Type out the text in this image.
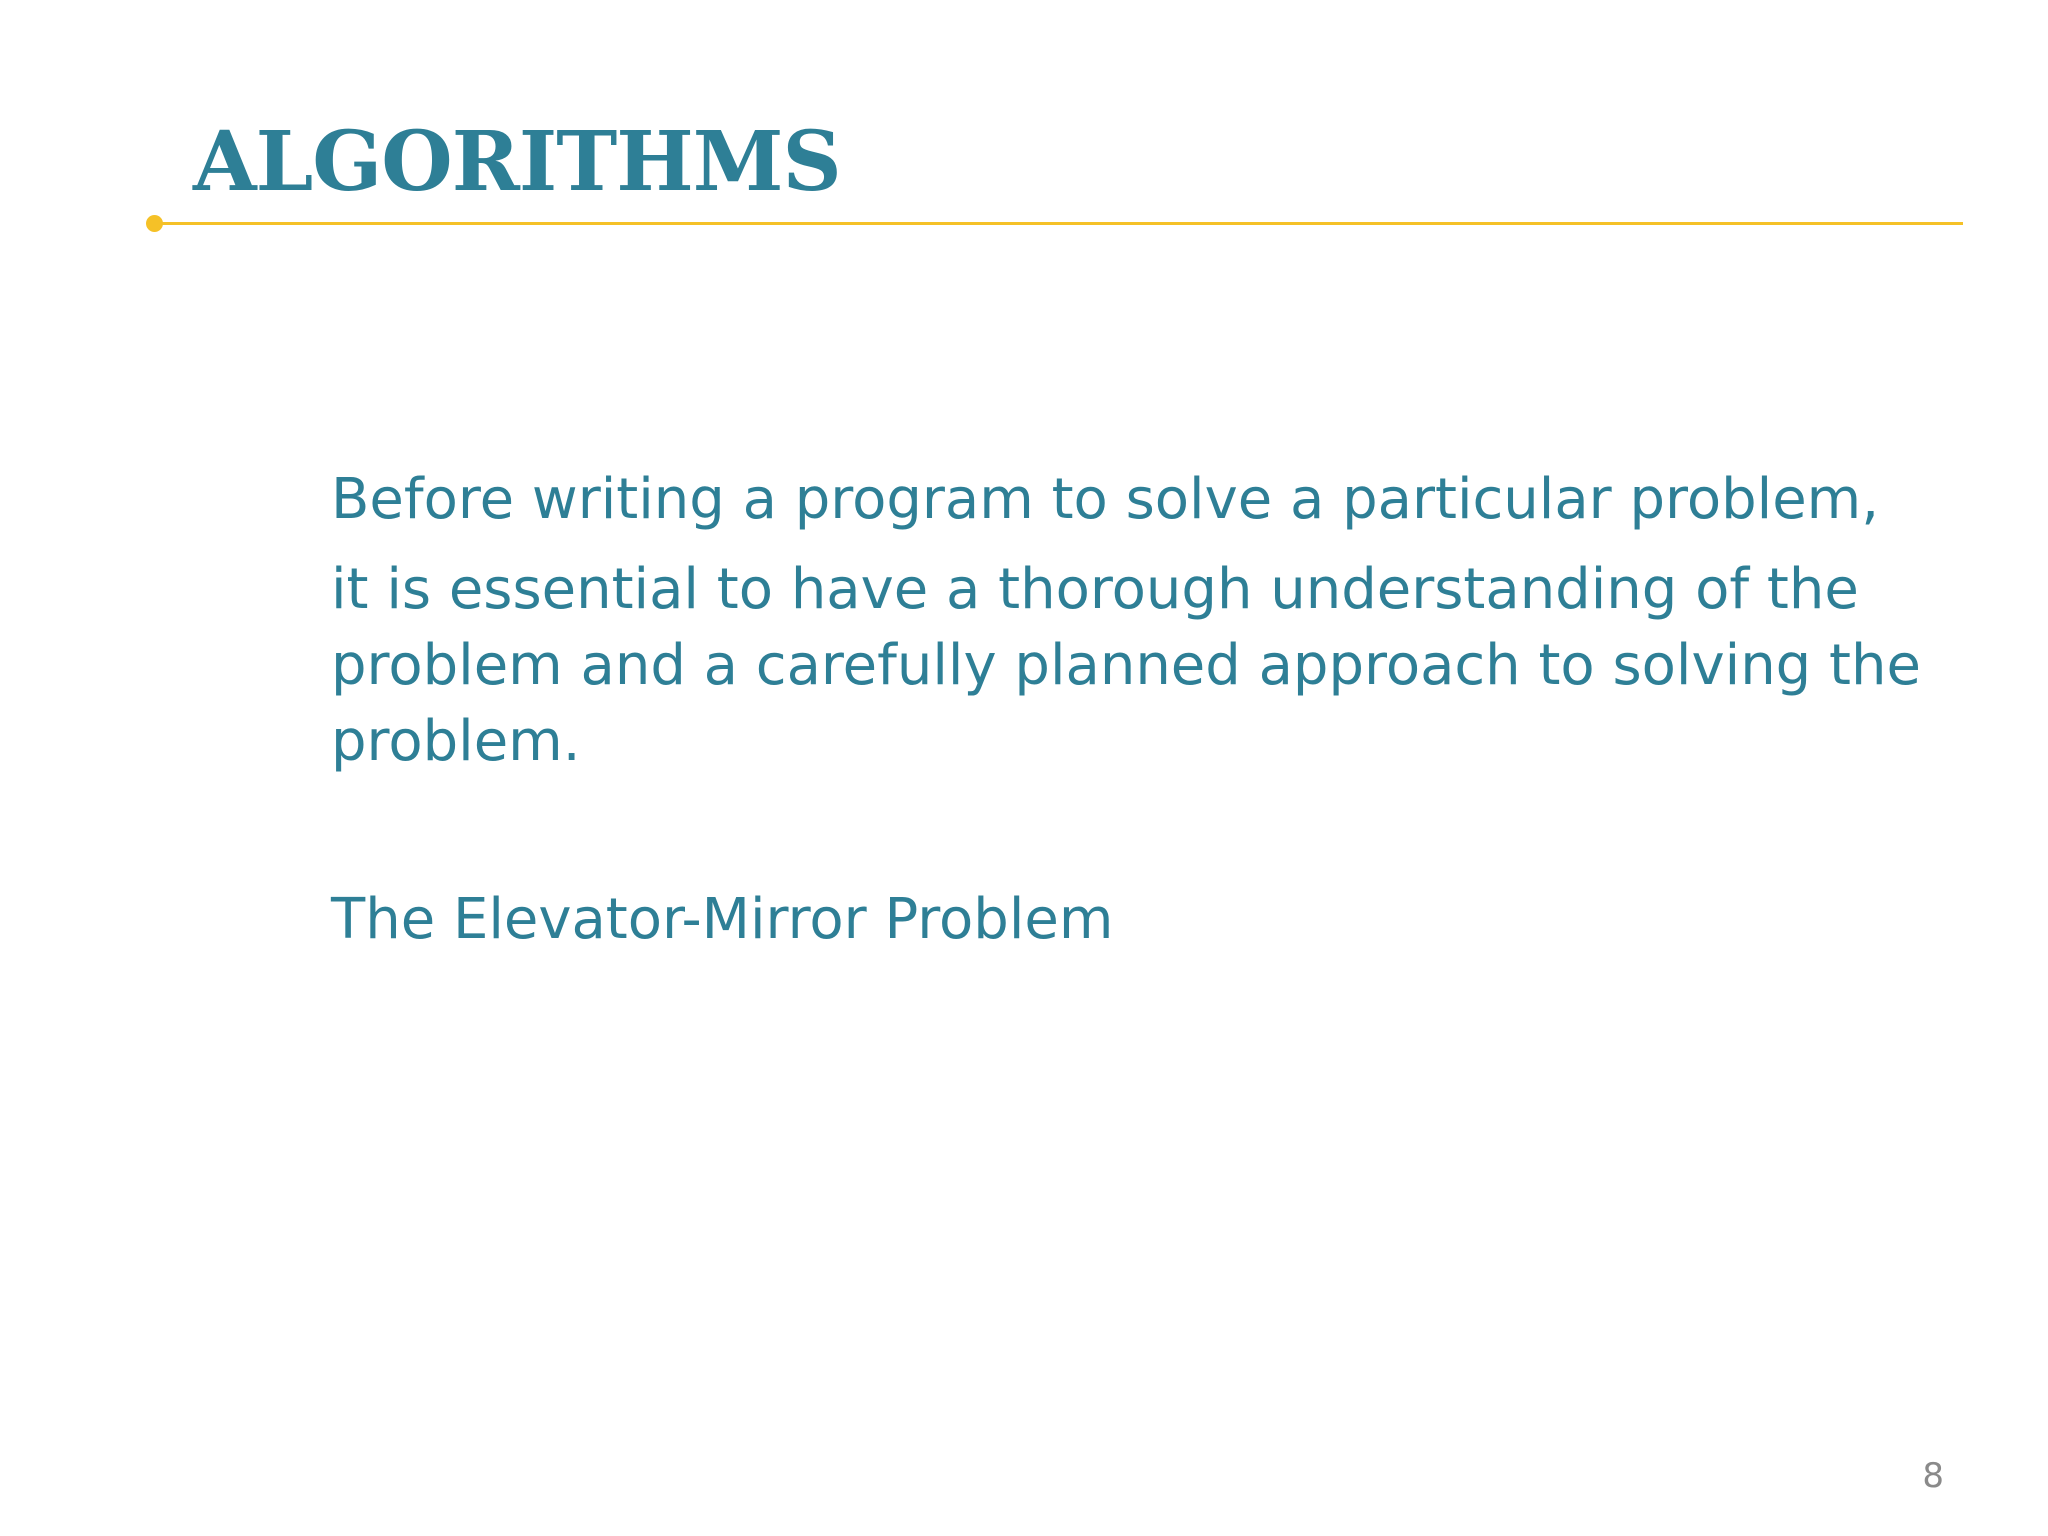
ALGORITHMS

Before writing a program to solve a particular problem,

it is essential to have a thorough understanding of the
problem and a carefully planned approach to solving the
problem.

The Elevator-Mirror Problem

8
